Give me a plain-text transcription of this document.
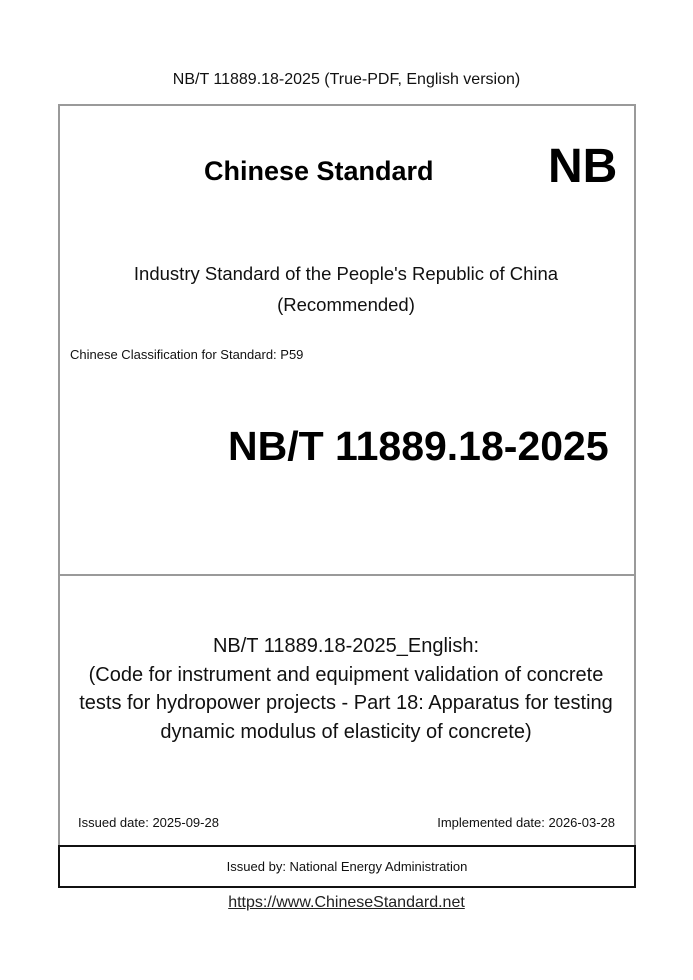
NB/T 11889.18-2025 (True-PDF, English version)
Chinese Standard NB
Industry Standard of the People's Republic of China
(Recommended)
Chinese Classification for Standard: P59
NB/T 11889.18-2025
NB/T 11889.18-2025_English:
(Code for instrument and equipment validation of concrete
tests for hydropower projects - Part 18: Apparatus for testing
dynamic modulus of elasticity of concrete)
Issued date: 2025-09-28	Implemented date: 2026-03-28
Issued by: National Energy Administration
https://www.ChineseStandard.net
